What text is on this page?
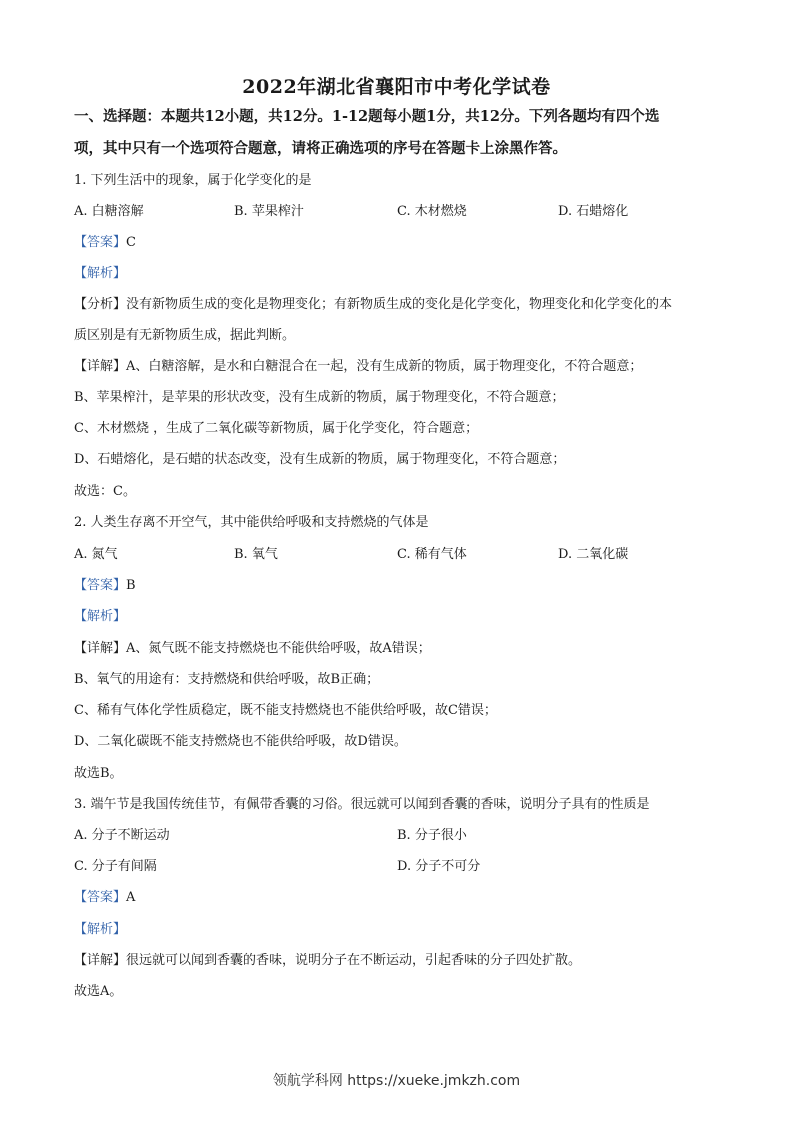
2022年湖北省襄阳市中考化学试卷
一、选择题：本题共12小题，共12分。1-12题每小题1分，共12分。下列各题均有四个选
项，其中只有一个选项符合题意，请将正确选项的序号在答题卡上涂黑作答。
1. 下列生活中的现象，属于化学变化的是
A. 白糖溶解	B. 苹果榨汁	C. 木材燃烧	D. 石蜡熔化
【答案】C
【解析】
【分析】没有新物质生成的变化是物理变化；有新物质生成的变化是化学变化，物理变化和化学变化的本
质区别是有无新物质生成，据此判断。
【详解】A、白糖溶解，是水和白糖混合在一起，没有生成新的物质，属于物理变化，不符合题意；
B、苹果榨汁，是苹果的形状改变，没有生成新的物质，属于物理变化，不符合题意；
C、木材燃烧 ，生成了二氧化碳等新物质，属于化学变化，符合题意；
D、石蜡熔化，是石蜡的状态改变，没有生成新的物质，属于物理变化，不符合题意；
故选：C。
2. 人类生存离不开空气，其中能供给呼吸和支持燃烧的气体是
A. 氮气	B. 氧气	C. 稀有气体	D. 二氧化碳
【答案】B
【解析】
【详解】A、氮气既不能支持燃烧也不能供给呼吸，故A错误；
B、氧气的用途有：支持燃烧和供给呼吸，故B正确；
C、稀有气体化学性质稳定，既不能支持燃烧也不能供给呼吸，故C错误；
D、二氧化碳既不能支持燃烧也不能供给呼吸，故D错误。
故选B。
3. 端午节是我国传统佳节，有佩带香囊的习俗。很远就可以闻到香囊的香味，说明分子具有的性质是
A. 分子不断运动	B. 分子很小
C. 分子有间隔	D. 分子不可分
【答案】A
【解析】
【详解】很远就可以闻到香囊的香味，说明分子在不断运动，引起香味的分子四处扩散。
故选A。
领航学科网 https://xueke.jmkzh.com
